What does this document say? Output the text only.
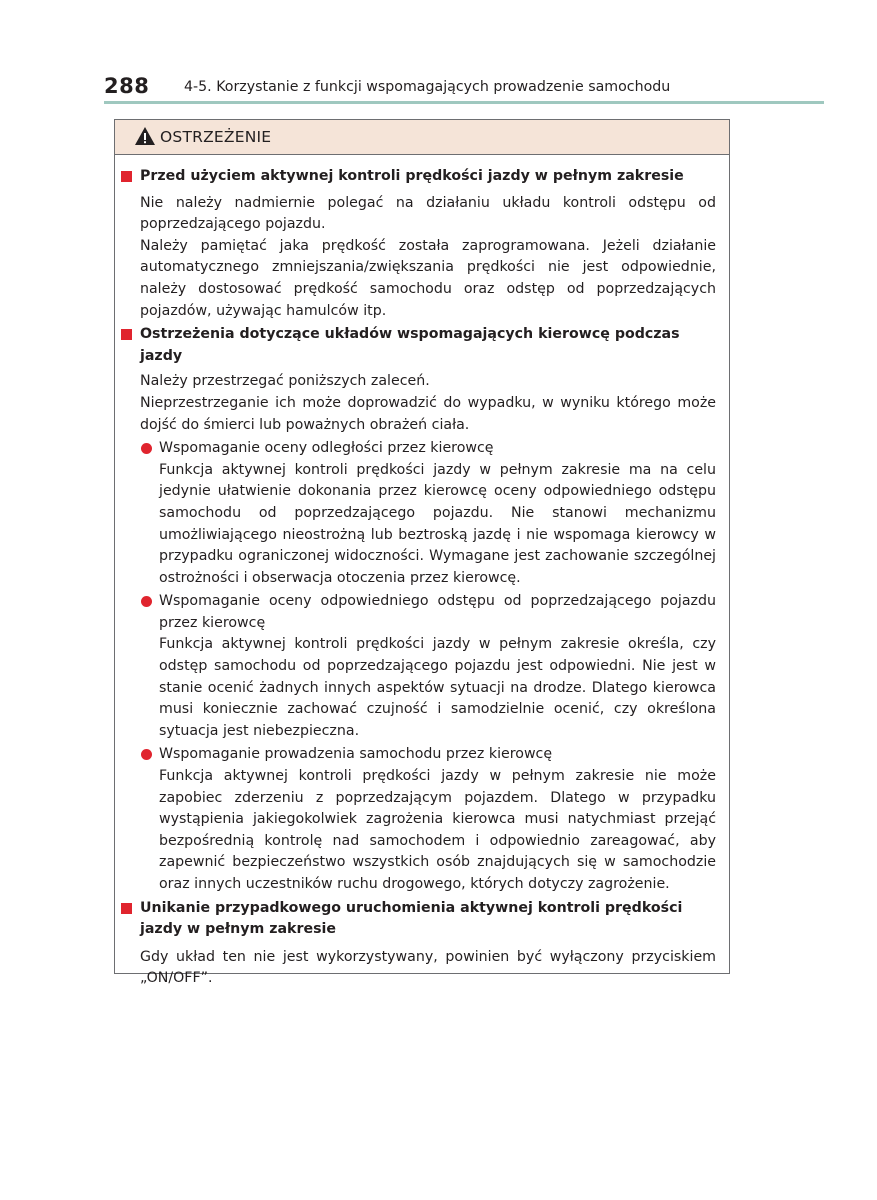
288 4-5. Korzystanie z funkcji wspomagających prowadzenie samochodu
OSTRZEŻENIE
Przed użyciem aktywnej kontroli prędkości jazdy w pełnym zakresie
Nie należy nadmiernie polegać na działaniu układu kontroli odstępu od poprzedzającego pojazdu.
Należy pamiętać jaka prędkość została zaprogramowana. Jeżeli działanie automatycznego zmniejszania/zwiększania prędkości nie jest odpowiednie, należy dostosować prędkość samochodu oraz odstęp od poprzedzających pojazdów, używając hamulców itp.
Ostrzeżenia dotyczące układów wspomagających kierowcę podczas jazdy
Należy przestrzegać poniższych zaleceń.
Nieprzestrzeganie ich może doprowadzić do wypadku, w wyniku którego może dojść do śmierci lub poważnych obrażeń ciała.
Wspomaganie oceny odległości przez kierowcę
Funkcja aktywnej kontroli prędkości jazdy w pełnym zakresie ma na celu jedynie ułatwienie dokonania przez kierowcę oceny odpowiedniego odstępu samochodu od poprzedzającego pojazdu. Nie stanowi mechanizmu umożliwiającego nieostrożną lub beztroską jazdę i nie wspomaga kierowcy w przypadku ograniczonej widoczności. Wymagane jest zachowanie szczególnej ostrożności i obserwacja otoczenia przez kierowcę.
Wspomaganie oceny odpowiedniego odstępu od poprzedzającego pojazdu przez kierowcę
Funkcja aktywnej kontroli prędkości jazdy w pełnym zakresie określa, czy odstęp samochodu od poprzedzającego pojazdu jest odpowiedni. Nie jest w stanie ocenić żadnych innych aspektów sytuacji na drodze. Dlatego kierowca musi koniecznie zachować czujność i samodzielnie ocenić, czy określona sytuacja jest niebezpieczna.
Wspomaganie prowadzenia samochodu przez kierowcę
Funkcja aktywnej kontroli prędkości jazdy w pełnym zakresie nie może zapobiec zderzeniu z poprzedzającym pojazdem. Dlatego w przypadku wystąpienia jakiegokolwiek zagrożenia kierowca musi natychmiast przejąć bezpośrednią kontrolę nad samochodem i odpowiednio zareagować, aby zapewnić bezpieczeństwo wszystkich osób znajdujących się w samochodzie oraz innych uczestników ruchu drogowego, których dotyczy zagrożenie.
Unikanie przypadkowego uruchomienia aktywnej kontroli prędkości jazdy w pełnym zakresie
Gdy układ ten nie jest wykorzystywany, powinien być wyłączony przyciskiem „ON/OFF”.
